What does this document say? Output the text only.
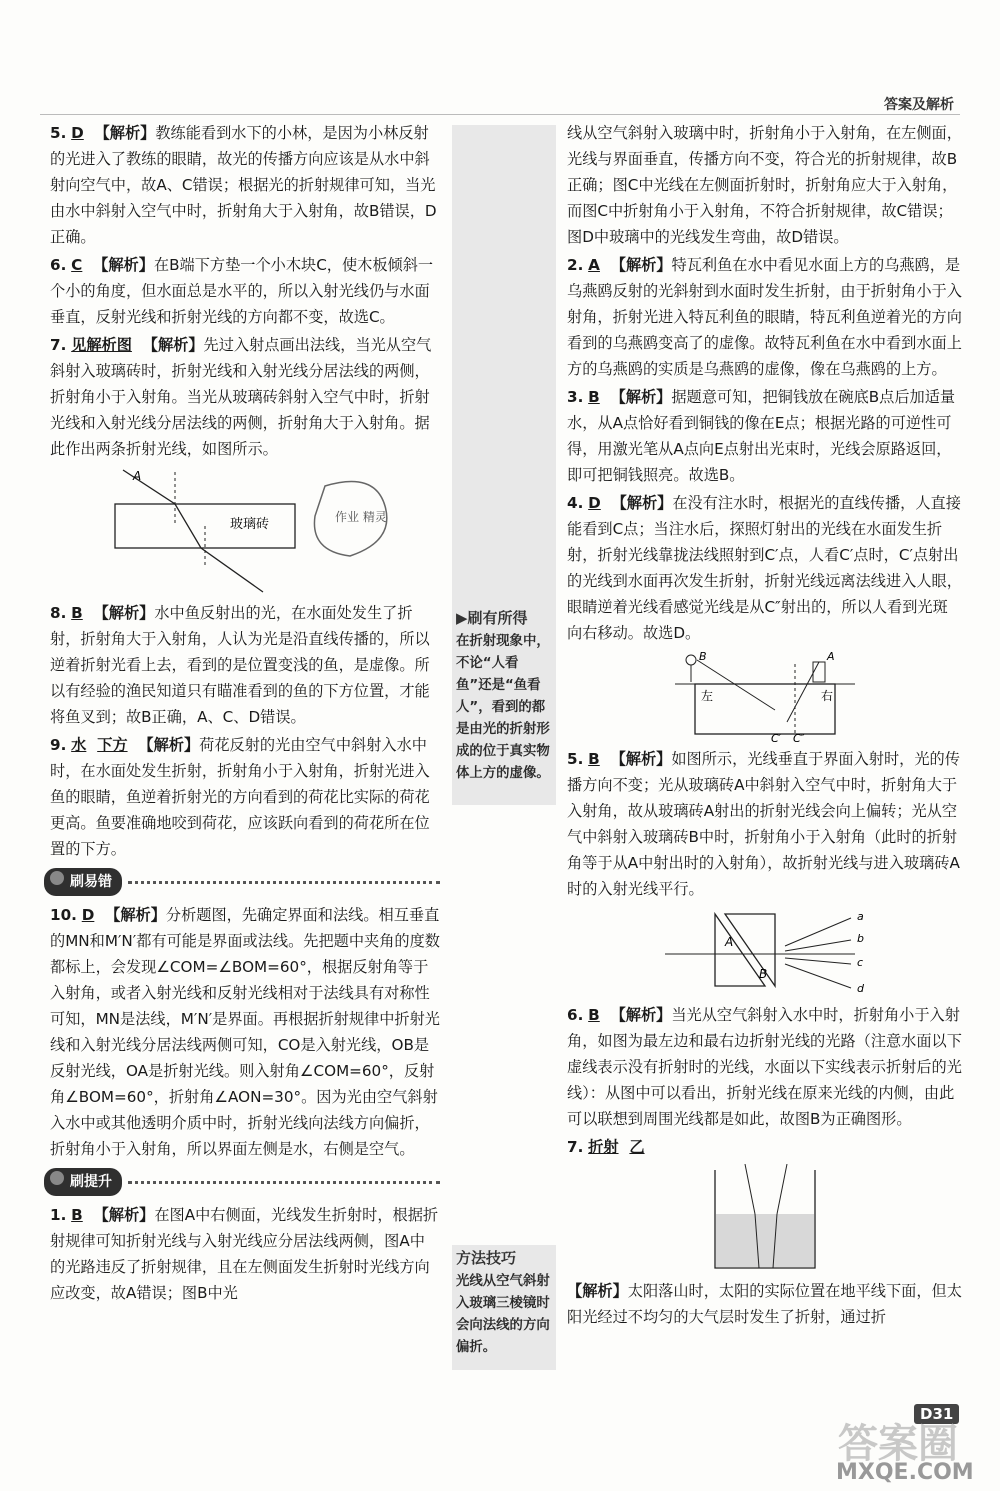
答案及解析
5. D 【解析】教练能看到水下的小林，是因为小林反射的光进入了教练的眼睛，故光的传播方向应该是从水中斜射向空气中，故A、C错误；根据光的折射规律可知，当光由水中斜射入空气中时，折射角大于入射角，故B错误，D正确。
6. C 【解析】在B端下方垫一个小木块C，使木板倾斜一个小的角度，但水面总是水平的，所以入射光线仍与水面垂直，反射光线和折射光线的方向都不变，故选C。
7. 见解析图 【解析】先过入射点画出法线，当光从空气斜射入玻璃砖时，折射光线和入射光线分居法线的两侧，折射角小于入射角。当光从玻璃砖斜射入空气中时，折射光线和入射光线分居法线的两侧，折射角大于入射角。据此作出两条折射光线，如图所示。
A
玻璃砖	作业 精灵
8. B 【解析】水中鱼反射出的光，在水面处发生了折射，折射角大于入射角，人认为光是沿直线传播的，所以逆着折射光看上去，看到的是位置变浅的鱼，是虚像。所以有经验的渔民知道只有瞄准看到的鱼的下方位置，才能将鱼叉到；故B正确，A、C、D错误。
9. 水 下方 【解析】荷花反射的光由空气中斜射入水中时，在水面处发生折射，折射角小于入射角，折射光进入鱼的眼睛，鱼逆着折射光的方向看到的荷花比实际的荷花更高。鱼要准确地咬到荷花，应该跃向看到的荷花所在位置的下方。
刷易错
10. D 【解析】分析题图，先确定界面和法线。相互垂直的MN和M′N′都有可能是界面或法线。先把题中夹角的度数都标上，会发现∠COM=∠BOM=60°，根据反射角等于入射角，或者入射光线和反射光线相对于法线具有对称性可知，MN是法线，M′N′是界面。再根据折射规律中折射光线和入射光线分居法线两侧可知，CO是入射光线，OB是反射光线，OA是折射光线。则入射角∠COM=60°，反射角∠BOM=60°，折射角∠AON=30°。因为光由空气斜射入水中或其他透明介质中时，折射光线向法线方向偏折，折射角小于入射角，所以界面左侧是水，右侧是空气。
刷提升
1. B 【解析】在图A中右侧面，光线发生折射时，根据折射规律可知折射光线与入射光线应分居法线两侧，图A中的光路违反了折射规律，且在左侧面发生折射时光线方向应改变，故A错误；图B中光
▶刷有所得
在折射现象中，不论“人看鱼”还是“鱼看人”，看到的都是由光的折射形成的位于真实物体上方的虚像。
方法技巧
光线从空气斜射入玻璃三棱镜时会向法线的方向偏折。
线从空气斜射入玻璃中时，折射角小于入射角，在左侧面，光线与界面垂直，传播方向不变，符合光的折射规律，故B正确；图C中光线在左侧面折射时，折射角应大于入射角，而图C中折射角小于入射角，不符合折射规律，故C错误；图D中玻璃中的光线发生弯曲，故D错误。
2. A 【解析】特瓦利鱼在水中看见水面上方的乌燕鸥，是乌燕鸥反射的光斜射到水面时发生折射，由于折射角小于入射角，折射光进入特瓦利鱼的眼睛，特瓦利鱼逆着光的方向看到的乌燕鸥变高了的虚像。故特瓦利鱼在水中看到水面上方的乌燕鸥的实质是乌燕鸥的虚像，像在乌燕鸥的上方。
3. B 【解析】据题意可知，把铜钱放在碗底B点后加适量水，从A点恰好看到铜钱的像在E点；根据光路的可逆性可得，用激光笔从A点向E点射出光束时，光线会原路返回，即可把铜钱照亮。故选B。
4. D 【解析】在没有注水时，根据光的直线传播，人直接能看到C点；当注水后，探照灯射出的光线在水面发生折射，折射光线靠拢法线照射到C′点，人看C′点时，C′点射出的光线到水面再次发生折射，折射光线远离法线进入人眼，眼睛逆着光线看感觉光线是从C″射出的，所以人看到光斑向右移动。故选D。
B	A
左	右
C′ C″
5. B 【解析】如图所示，光线垂直于界面入射时，光的传播方向不变；光从玻璃砖A中斜射入空气中时，折射角大于入射角，故从玻璃砖A射出的折射光线会向上偏转；光从空气中斜射入玻璃砖B中时，折射角小于入射角（此时的折射角等于从A中射出时的入射角），故折射光线与进入玻璃砖A时的入射光线平行。
A
B
a
b
c
d
6. B 【解析】当光从空气斜射入水中时，折射角小于入射角，如图为最左边和最右边折射光线的光路（注意水面以下虚线表示没有折射时的光线，水面以下实线表示折射后的光线）：从图中可以看出，折射光线在原来光线的内侧，由此可以联想到周围光线都是如此，故图B为正确图形。
7. 折射 乙
【解析】太阳落山时，太阳的实际位置在地平线下面，但太阳光经过不均匀的大气层时发生了折射，通过折
D31
答案圈
MXQE.COM
